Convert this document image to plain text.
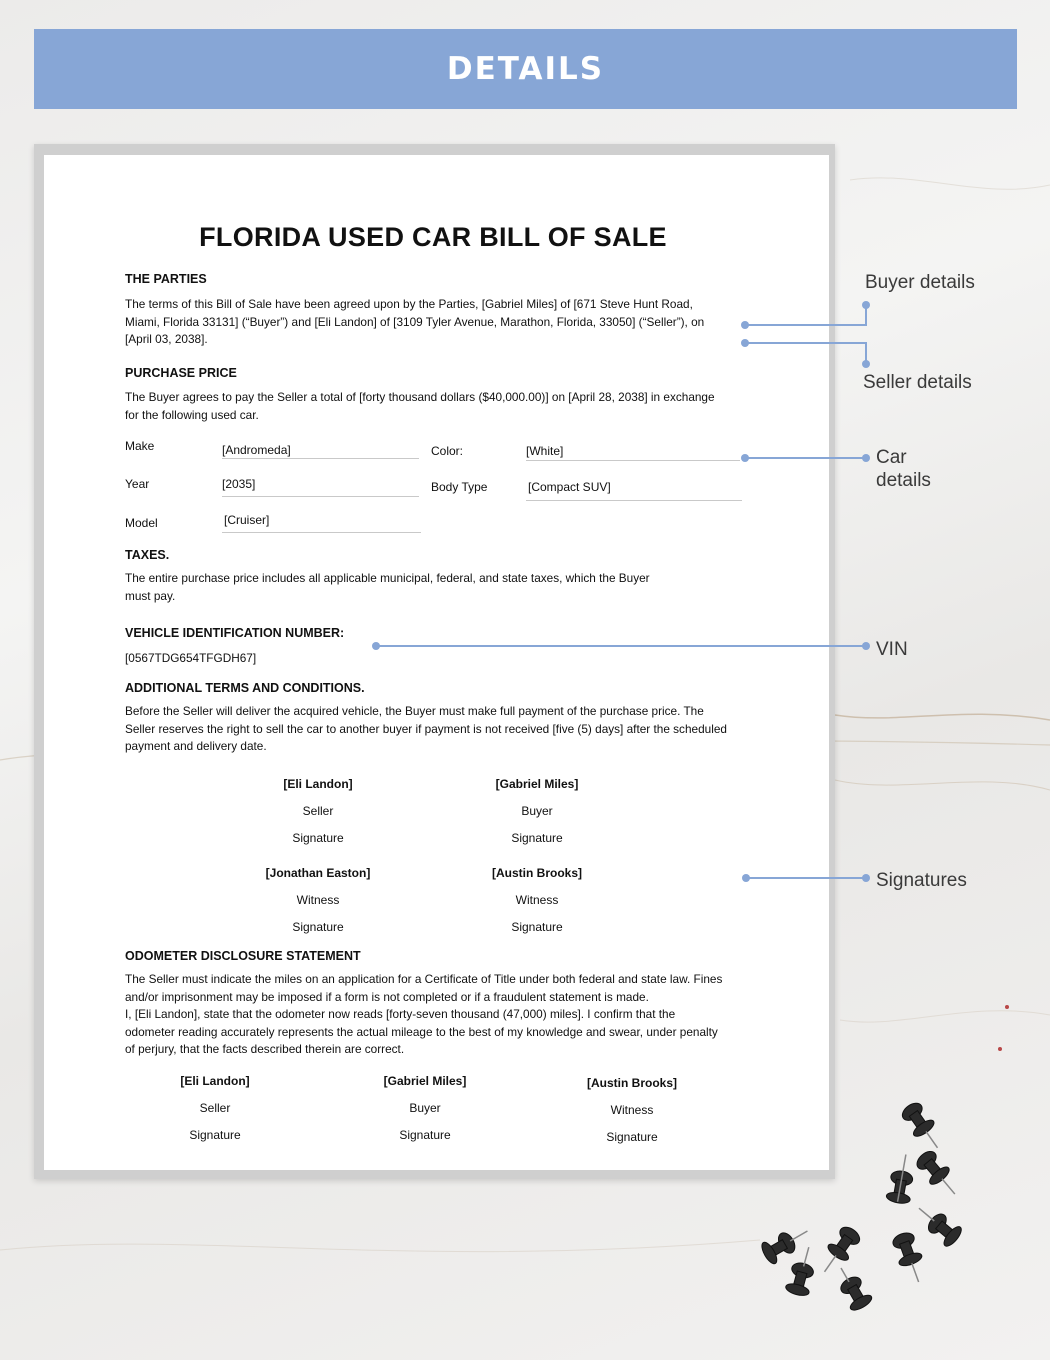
DETAILS
FLORIDA USED CAR BILL OF SALE
THE PARTIES
The terms of this Bill of Sale have been agreed upon by the Parties, [Gabriel Miles] of [671 Steve Hunt Road,
Miami, Florida 33131] (“Buyer”) and [Eli Landon] of [3109 Tyler Avenue, Marathon, Florida, 33050] (“Seller”), on
[April 03, 2038].
PURCHASE PRICE
The Buyer agrees to pay the Seller a total of [forty thousand dollars ($40,000.00)] on [April 28, 2038] in exchange
for the following used car.
Make	[Andromeda]	Color:	[White]
Year	[2035]	Body Type	[Compact SUV]
Model	[Cruiser]
TAXES.
The entire purchase price includes all applicable municipal, federal, and state taxes, which the Buyer
must pay.
VEHICLE IDENTIFICATION NUMBER:
[0567TDG654TFGDH67]
ADDITIONAL TERMS AND CONDITIONS.
Before the Seller will deliver the acquired vehicle, the Buyer must make full payment of the purchase price. The
Seller reserves the right to sell the car to another buyer if payment is not received [five (5) days] after the scheduled
payment and delivery date.
[Eli Landon]
Seller
Signature
[Gabriel Miles]
Buyer
Signature
[Jonathan Easton]
Witness
Signature
[Austin Brooks]
Witness
Signature
ODOMETER DISCLOSURE STATEMENT
The Seller must indicate the miles on an application for a Certificate of Title under both federal and state law. Fines
and/or imprisonment may be imposed if a form is not completed or if a fraudulent statement is made.
I, [Eli Landon], state that the odometer now reads [forty-seven thousand (47,000) miles]. I confirm that the
odometer reading accurately represents the actual mileage to the best of my knowledge and swear, under penalty
of perjury, that the facts described therein are correct.
[Eli Landon]
Seller
Signature
[Gabriel Miles]
Buyer
Signature
[Austin Brooks]
Witness
Signature
Buyer details
Seller details
Car
details
VIN
Signatures
